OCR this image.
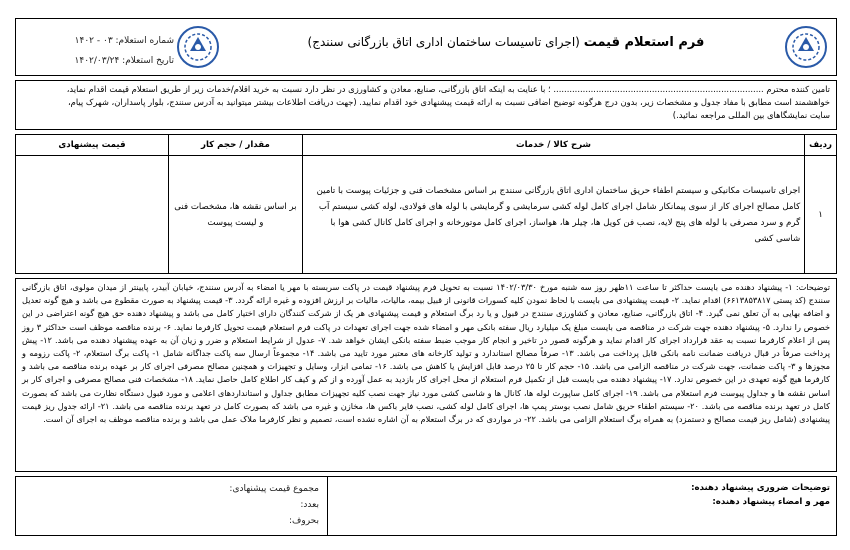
فرم استعلام قیمت (اجرای تاسیسات ساختمان اداری اتاق بازرگانی سنندج)
شماره استعلام: ۰۳ - ۱۴۰۲
تاریخ استعلام: ۱۴۰۲/۰۳/۲۴
تامین کننده محترم ............................................................................... ؛ با عنایت به اینکه اتاق بازرگانی، صنایع، معادن و کشاورزی در نظر دارد نسبت به خرید اقلام/خدمات زیر از طریق استعلام قیمت اقدام نماید،
خواهشمند است مطابق با مفاد جدول و مشخصات زیر، بدون درج هرگونه توضیح اضافی نسبت به ارائه قیمت پیشنهادی خود اقدام نمایید. (جهت دریافت اطلاعات بیشتر میتوانید به آدرس سنندج، بلوار پاسداران، شهرک پیام،
سایت نمایشگاهای بین المللی مراجعه نمائید.)
ردیف	شرح کالا / خدمات	مقدار / حجم کار	قیمت پیشنهادی
۱	اجرای تاسیسات مکانیکی و سیستم اطفاء حریق ساختمان اداری اتاق بازرگانی سنندج بر اساس مشخصات فنی و جزئیات پیوست با تامین کامل مصالح اجرای کار از سوی پیمانکار شامل اجرای کامل لوله کشی سرمایشی و گرمایشی با لوله های فولادی، لوله کشی سیستم آب گرم و سرد مصرفی با لوله های پنج لایه، نصب فن کویل ها، چیلر ها، هواساز، اجرای کامل موتورخانه و اجرای کامل کانال کشی هوا با شاسی کشی	بر اساس نقشه ها، مشخصات فنی و لیست پیوست	
توضیحات: ۱- پیشنهاد دهنده می بایست حداکثر تا ساعت ۱۱ظهر روز سه شنبه مورخ ۱۴۰۲/۰۳/۳۰ نسبت به تحویل فرم پیشنهاد قیمت در پاکت سربسته با مهر یا امضاء به آدرس سنندج، خیابان آبیدر، پایینتر از میدان مولوی، اتاق بازرگانی سنندج (کد پستی ۶۶۱۳۸۵۳۸۱۷) اقدام نماید. ۲- قیمت پیشنهادی می بایست با لحاظ نمودن کلیه کسورات قانونی از قبیل بیمه، مالیات، مالیات بر ارزش افزوده و غیره ارائه گردد. ۳- قیمت پیشنهاد به صورت مقطوع می باشد و هیچ گونه تعدیل و اضافه بهایی به آن تعلق نمی گیرد. ۴- اتاق بازرگانی، صنایع، معادن و کشاورزی سنندج در قبول و یا رد برگ استعلام و قیمت پیشنهادی هر یک از شرکت کنندگان دارای اختیار کامل می باشد و پیشنهاد دهنده حق هیچ گونه اعتراضی در این خصوص را ندارد. ۵- پیشنهاد دهنده جهت شرکت در مناقصه می بایست مبلغ یک میلیارد ریال سفته بانکی مهر و امضاء شده جهت اجرای تعهدات در پاکت فرم استعلام قیمت تحویل کارفرما نماید. ۶- برنده مناقصه موظف است حداکثر ۳ روز پس از اعلام کارفرما نسبت به عقد قرارداد اجرای کار اقدام نماید و هرگونه قصور در تاخیر و انجام کار موجب ضبط سفته بانکی ایشان خواهد شد. ۷- عدول از شرایط استعلام و ضرر و زیان آن به عهده پیشنهاد دهنده می باشد. ۱۲- پیش پرداخت صرفاً در قبال دریافت ضمانت نامه بانکی قابل پرداخت می باشد. ۱۳- صرفاً مصالح استاندارد و تولید کارخانه های معتبر مورد تایید می باشد. ۱۴- مجموعاً ارسال سه پاکت جداگانه شامل ۱- پاکت برگ استعلام، ۲- پاکت رزومه و مجوزها و ۳- پاکت ضمانت، جهت شرکت در مناقصه الزامی می باشد. ۱۵- حجم کار تا ۲۵ درصد قابل افزایش یا کاهش می باشد. ۱۶- تمامی ابزار، وسایل و تجهیزات و همچنین مصالح مصرفی اجرای کار بر عهده برنده مناقصه می باشد و کارفرما هیچ گونه تعهدی در این خصوص ندارد. ۱۷- پیشنهاد دهنده می بایست قبل از تکمیل فرم استعلام از محل اجرای کار بازدید به عمل آورده و از کم و کیف کار اطلاع کامل حاصل نماید. ۱۸- مشخصات فنی مصالح مصرفی و اجرای کار بر اساس نقشه ها و جداول پیوست فرم استعلام می باشد. ۱۹- اجرای کامل ساپورت لوله ها، کانال ها و شاسی کشی مورد نیاز جهت نصب کلیه تجهیزات مطابق جداول و استانداردهای اعلامی و مورد قبول دستگاه نظارت می باشد که بصورت کامل در تعهد برنده مناقصه می باشد. ۲۰- سیستم اطفاء حریق شامل نصب بوستر پمپ ها، اجرای کامل لوله کشی، نصب فایر باکس ها، مخازن و غیره می باشد که بصورت کامل در تعهد برنده مناقصه می باشد. ۲۱- ارائه جدول ریز قیمت پیشنهادی (شامل ریز قیمت مصالح و دستمزد) به همراه برگ استعلام الزامی می باشد. ۲۲- در مواردی که در برگ استعلام به آن اشاره نشده است، تصمیم و نظر کارفرما ملاک عمل می باشد و برنده مناقصه موظف به اجرای آن است.
توضیحات ضروری پیشنهاد دهنده:
مهر و امضاء پیشنهاد دهنده:
مجموع قیمت پیشنهادی:
بعدد:
بحروف:
